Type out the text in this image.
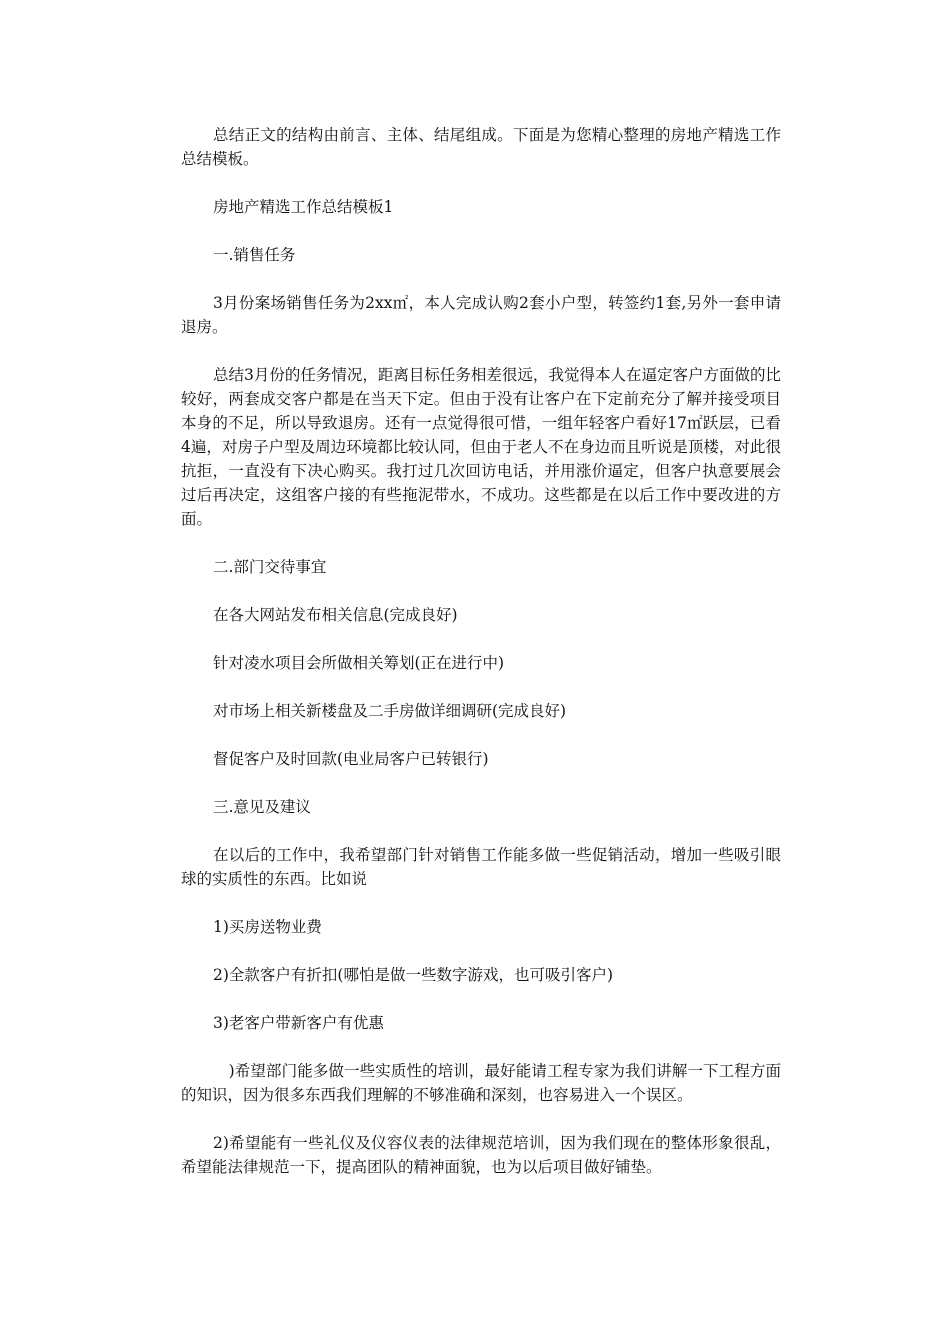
总结正文的结构由前言、主体、结尾组成。下面是为您精心整理的房地产精选工作总结模板。

房地产精选工作总结模板1

一.销售任务

3月份案场销售任务为2xx㎡，本人完成认购2套小户型，转签约1套,另外一套申请退房。

总结3月份的任务情况，距离目标任务相差很远，我觉得本人在逼定客户方面做的比较好，两套成交客户都是在当天下定。但由于没有让客户在下定前充分了解并接受项目本身的不足，所以导致退房。还有一点觉得很可惜，一组年轻客户看好17㎡跃层，已看4遍，对房子户型及周边环境都比较认同，但由于老人不在身边而且听说是顶楼，对此很抗拒，一直没有下决心购买。我打过几次回访电话，并用涨价逼定，但客户执意要展会过后再决定，这组客户接的有些拖泥带水，不成功。这些都是在以后工作中要改进的方面。

二.部门交待事宜

在各大网站发布相关信息(完成良好)

针对凌水项目会所做相关筹划(正在进行中)

对市场上相关新楼盘及二手房做详细调研(完成良好)

督促客户及时回款(电业局客户已转银行)

三.意见及建议

在以后的工作中，我希望部门针对销售工作能多做一些促销活动，增加一些吸引眼球的实质性的东西。比如说

1)买房送物业费

2)全款客户有折扣(哪怕是做一些数字游戏，也可吸引客户)

3)老客户带新客户有优惠

　)希望部门能多做一些实质性的培训，最好能请工程专家为我们讲解一下工程方面的知识，因为很多东西我们理解的不够准确和深刻，也容易进入一个误区。

2)希望能有一些礼仪及仪容仪表的法律规范培训，因为我们现在的整体形象很乱，希望能法律规范一下，提高团队的精神面貌，也为以后项目做好铺垫。
